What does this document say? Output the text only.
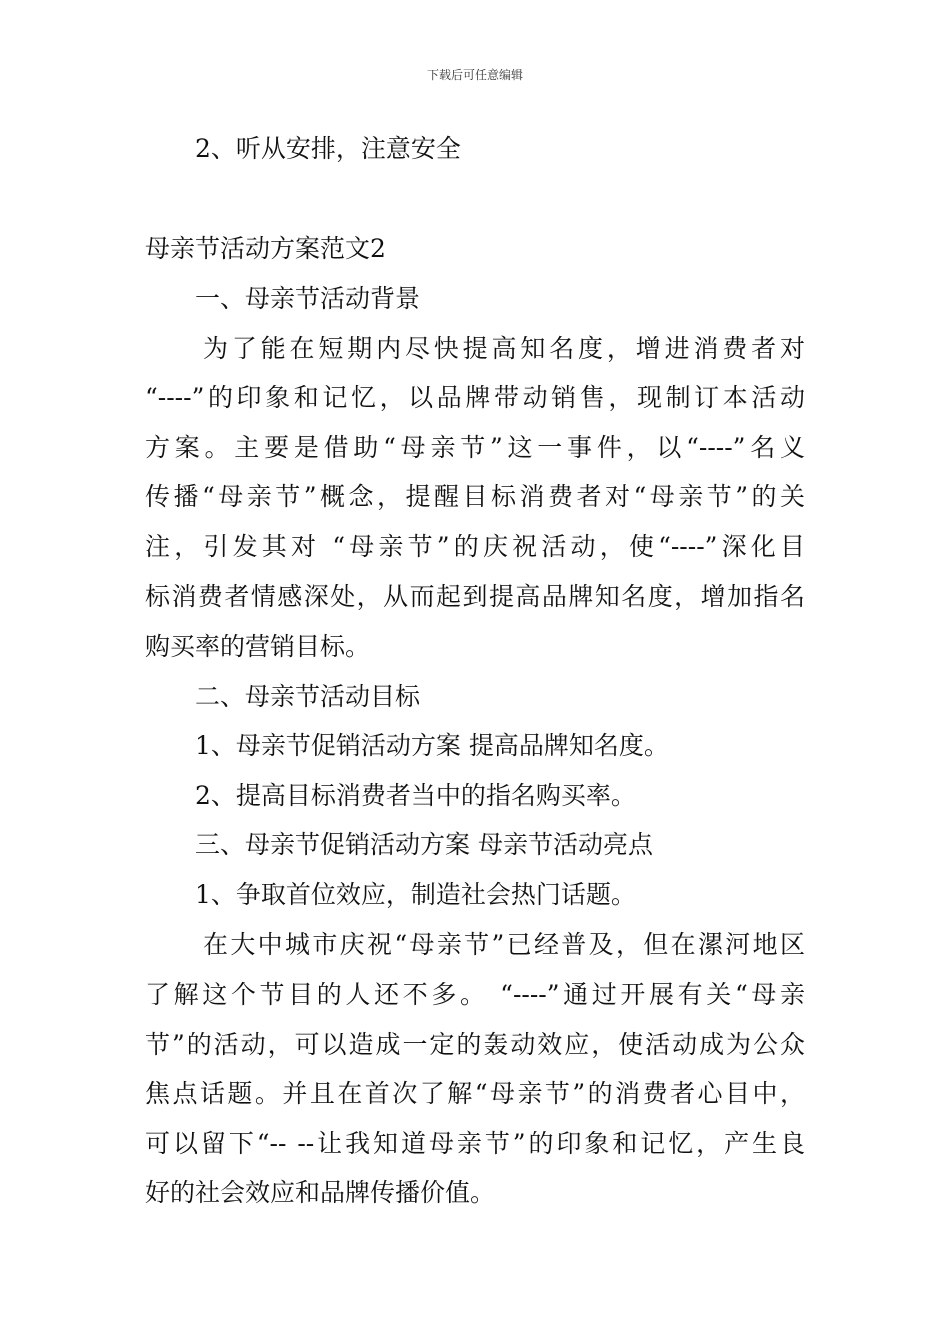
下载后可任意编辑
2、听从安排，注意安全
母亲节活动方案范文2
一、母亲节活动背景
为了能在短期内尽快提高知名度，增进消费者对
“----”的印象和记忆，以品牌带动销售，现制订本活动
方案。主要是借助“母亲节”这一事件，以“----”名义
传播“母亲节”概念，提醒目标消费者对“母亲节”的关
注，引发其对 “母亲节”的庆祝活动，使“----”深化目
标消费者情感深处，从而起到提高品牌知名度，增加指名
购买率的营销目标。
二、母亲节活动目标
1、母亲节促销活动方案 提高品牌知名度。
2、提高目标消费者当中的指名购买率。
三、母亲节促销活动方案 母亲节活动亮点
1、争取首位效应，制造社会热门话题。
在大中城市庆祝“母亲节”已经普及，但在漯河地区
了解这个节目的人还不多。 “----”通过开展有关“母亲
节”的活动，可以造成一定的轰动效应，使活动成为公众
焦点话题。并且在首次了解“母亲节”的消费者心目中，
可以留下“-- --让我知道母亲节”的印象和记忆，产生良
好的社会效应和品牌传播价值。
